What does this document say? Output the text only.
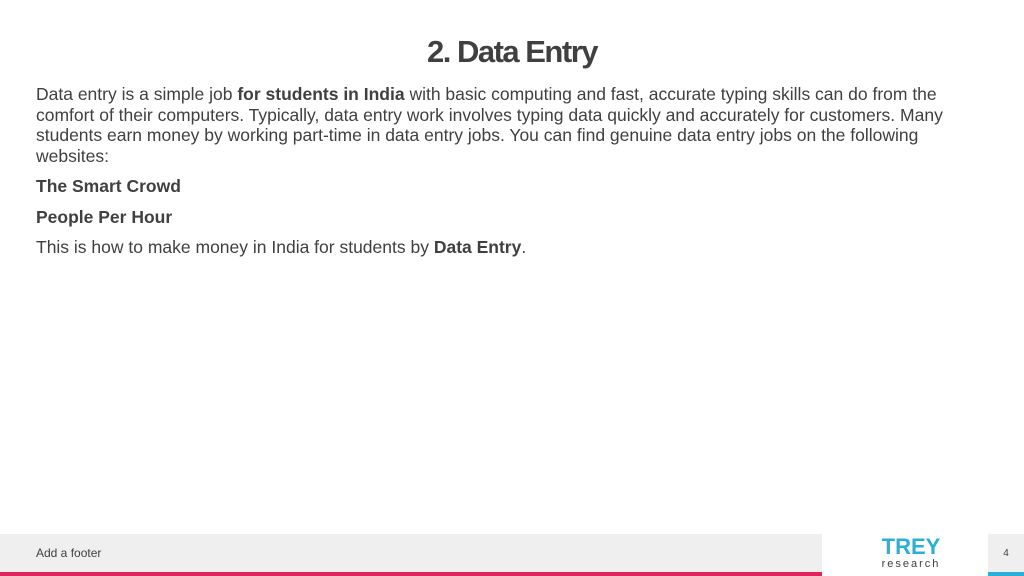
2. Data Entry

Data entry is a simple job for students in India with basic computing and fast, accurate typing skills can do from the comfort of their computers. Typically, data entry work involves typing data quickly and accurately for customers. Many students earn money by working part-time in data entry jobs. You can find genuine data entry jobs on the following websites:

The Smart Crowd

People Per Hour

This is how to make money in India for students by Data Entry.

Add a footer	TREY
research
4
